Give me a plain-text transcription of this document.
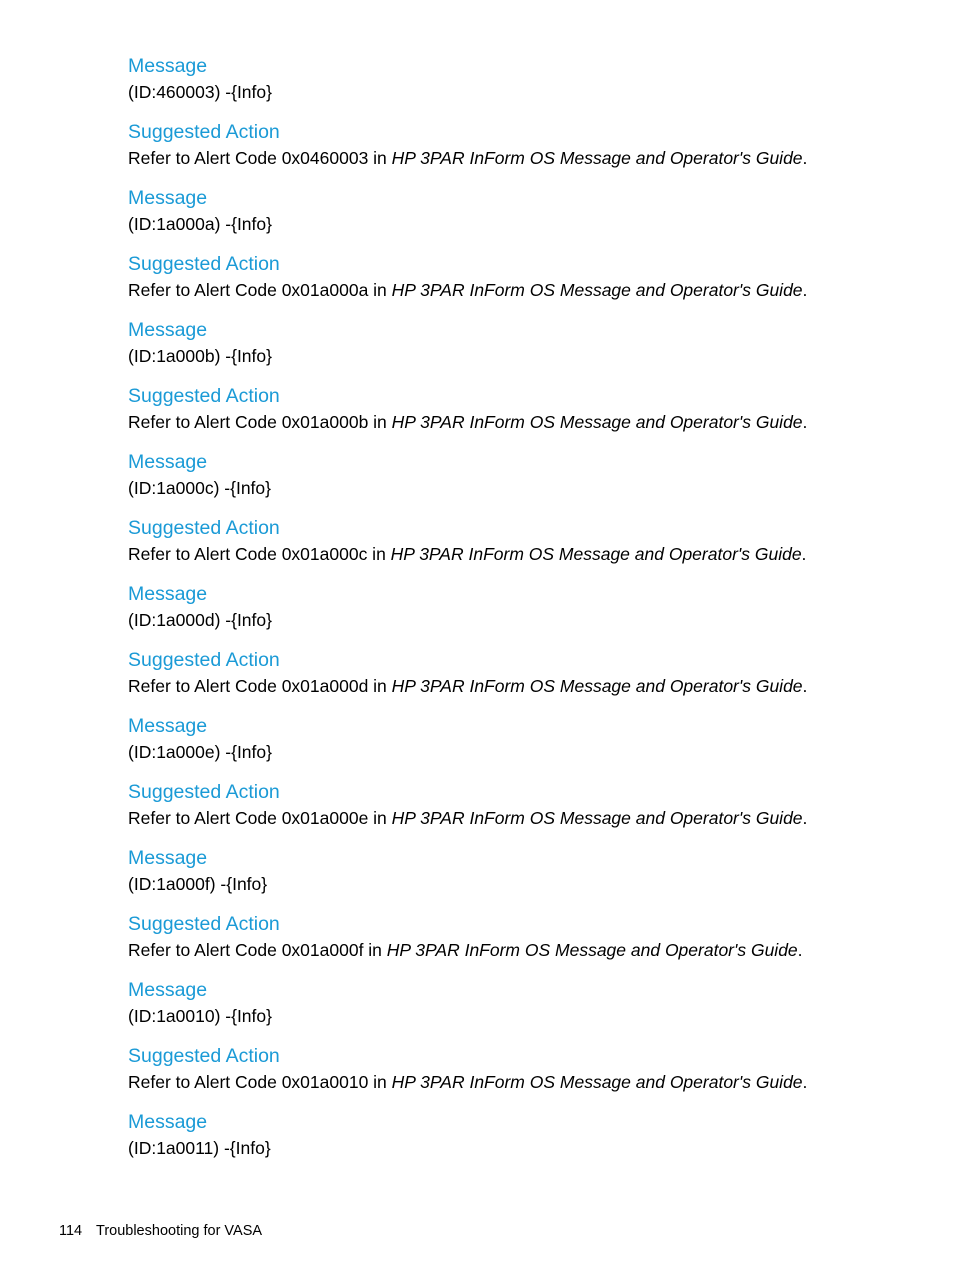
Message
(ID:460003) -{Info}
Suggested Action
Refer to Alert Code 0x0460003 in HP 3PAR InForm OS Message and Operator's Guide.
Message
(ID:1a000a) -{Info}
Suggested Action
Refer to Alert Code 0x01a000a in HP 3PAR InForm OS Message and Operator's Guide.
Message
(ID:1a000b) -{Info}
Suggested Action
Refer to Alert Code 0x01a000b in HP 3PAR InForm OS Message and Operator's Guide.
Message
(ID:1a000c) -{Info}
Suggested Action
Refer to Alert Code 0x01a000c in HP 3PAR InForm OS Message and Operator's Guide.
Message
(ID:1a000d) -{Info}
Suggested Action
Refer to Alert Code 0x01a000d in HP 3PAR InForm OS Message and Operator's Guide.
Message
(ID:1a000e) -{Info}
Suggested Action
Refer to Alert Code 0x01a000e in HP 3PAR InForm OS Message and Operator's Guide.
Message
(ID:1a000f) -{Info}
Suggested Action
Refer to Alert Code 0x01a000f in HP 3PAR InForm OS Message and Operator's Guide.
Message
(ID:1a0010) -{Info}
Suggested Action
Refer to Alert Code 0x01a0010 in HP 3PAR InForm OS Message and Operator's Guide.
Message
(ID:1a0011) -{Info}
114 Troubleshooting for VASA
